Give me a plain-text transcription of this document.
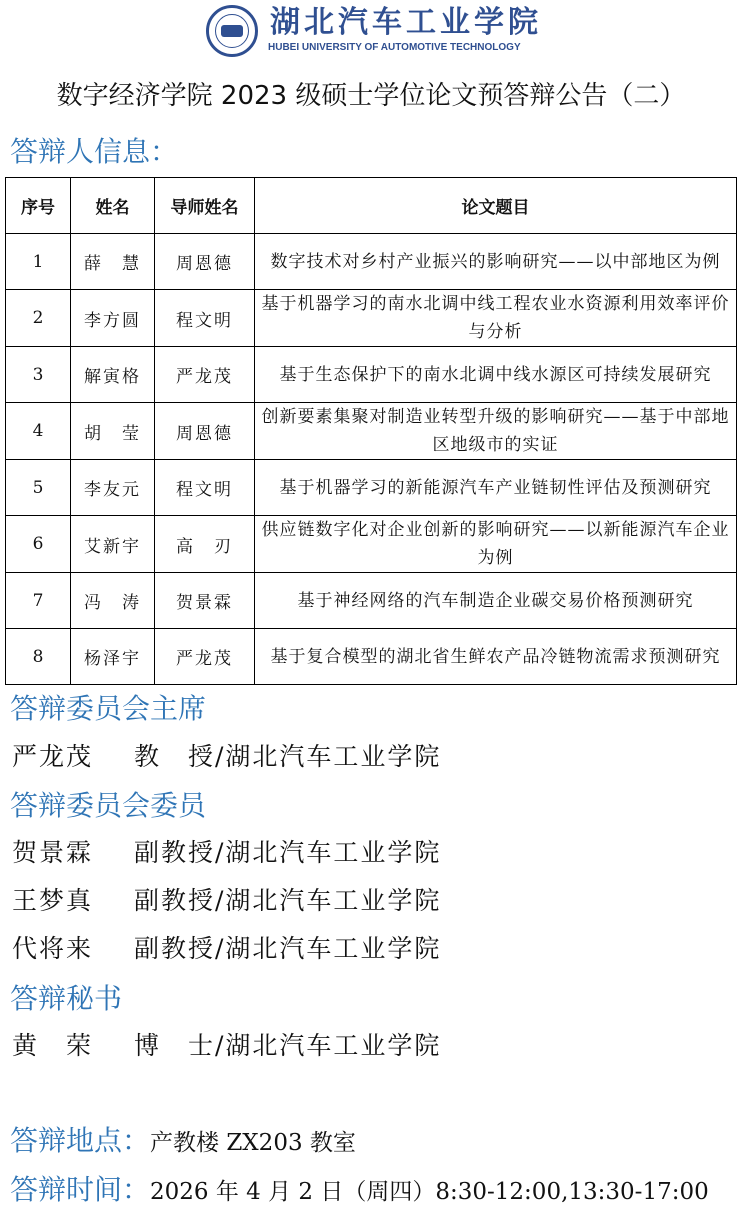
湖北汽车工业学院
HUBEI UNIVERSITY OF AUTOMOTIVE TECHNOLOGY
数字经济学院 2023 级硕士学位论文预答辩公告（二）
答辩人信息：
序号	姓名	导师姓名	论文题目
1	薛　慧	周恩德	数字技术对乡村产业振兴的影响研究——以中部地区为例
2	李方圆	程文明	基于机器学习的南水北调中线工程农业水资源利用效率评价与分析
3	解寅格	严龙茂	基于生态保护下的南水北调中线水源区可持续发展研究
4	胡　莹	周恩德	创新要素集聚对制造业转型升级的影响研究——基于中部地区地级市的实证
5	李友元	程文明	基于机器学习的新能源汽车产业链韧性评估及预测研究
6	艾新宇	高　刃	供应链数字化对企业创新的影响研究——以新能源汽车企业为例
7	冯　涛	贺景霖	基于神经网络的汽车制造企业碳交易价格预测研究
8	杨泽宇	严龙茂	基于复合模型的湖北省生鲜农产品冷链物流需求预测研究
答辩委员会主席
严龙茂 教　授/湖北汽车工业学院
答辩委员会委员
贺景霖 副教授/湖北汽车工业学院
王梦真 副教授/湖北汽车工业学院
代将来 副教授/湖北汽车工业学院
答辩秘书
黄　荣 博　士/湖北汽车工业学院
答辩地点：产教楼 ZX203 教室
答辩时间：2026 年 4 月 2 日（周四）8:30-12:00,13:30-17:00
